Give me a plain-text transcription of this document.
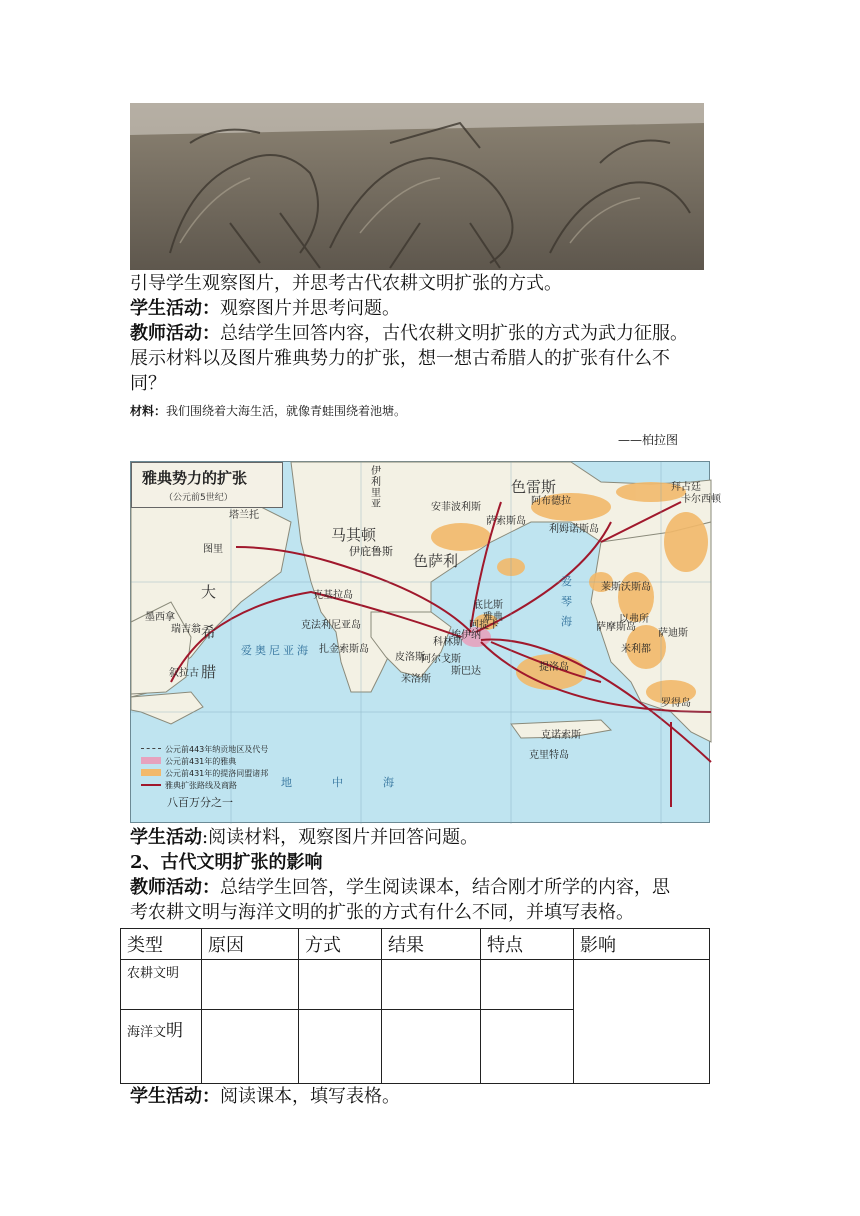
引导学生观察图片，并思考古代农耕文明扩张的方式。
学生活动：观察图片并思考问题。
教师活动：总结学生回答内容，古代农耕文明扩张的方式为武力征服。
展示材料以及图片雅典势力的扩张，想一想古希腊人的扩张有什么不
同？
材料：我们围绕着大海生活，就像青蛙围绕着池塘。
——柏拉图
雅典势力的扩张
（公元前5世纪）
马其顿
色萨利
伊庇鲁斯
色雷斯
阿提卡
大希腊
伊利里亚
塔兰托
图里
克基拉岛
克法利尼亚岛
扎金索斯岛
墨西拿
瑞吉翁
叙拉古
埃伊纳
雅典
科林斯
斯巴达
米洛斯
提洛岛
萨摩斯岛
莱斯沃斯岛
拜占廷
卡尔西顿
萨索斯岛
利姆诺斯岛
阿布德拉
克诺索斯
罗得岛
克里特岛
以弗所
米利都
萨迪斯
安菲波利斯
皮洛斯
阿尔戈斯
底比斯
爱奥尼亚海
爱琴海
地中海
公元前443年纳贡地区及代号
公元前431年的雅典
公元前431年的提洛同盟诸邦
雅典扩张路线及商路
八百万分之一
学生活动:阅读材料，观察图片并回答问题。
2、古代文明扩张的影响
教师活动：总结学生回答，学生阅读课本，结合刚才所学的内容，思
考农耕文明与海洋文明的扩张的方式有什么不同，并填写表格。
类型	原因	方式	结果	特点	影响
农耕文明					
海洋文明					
学生活动：阅读课本，填写表格。
